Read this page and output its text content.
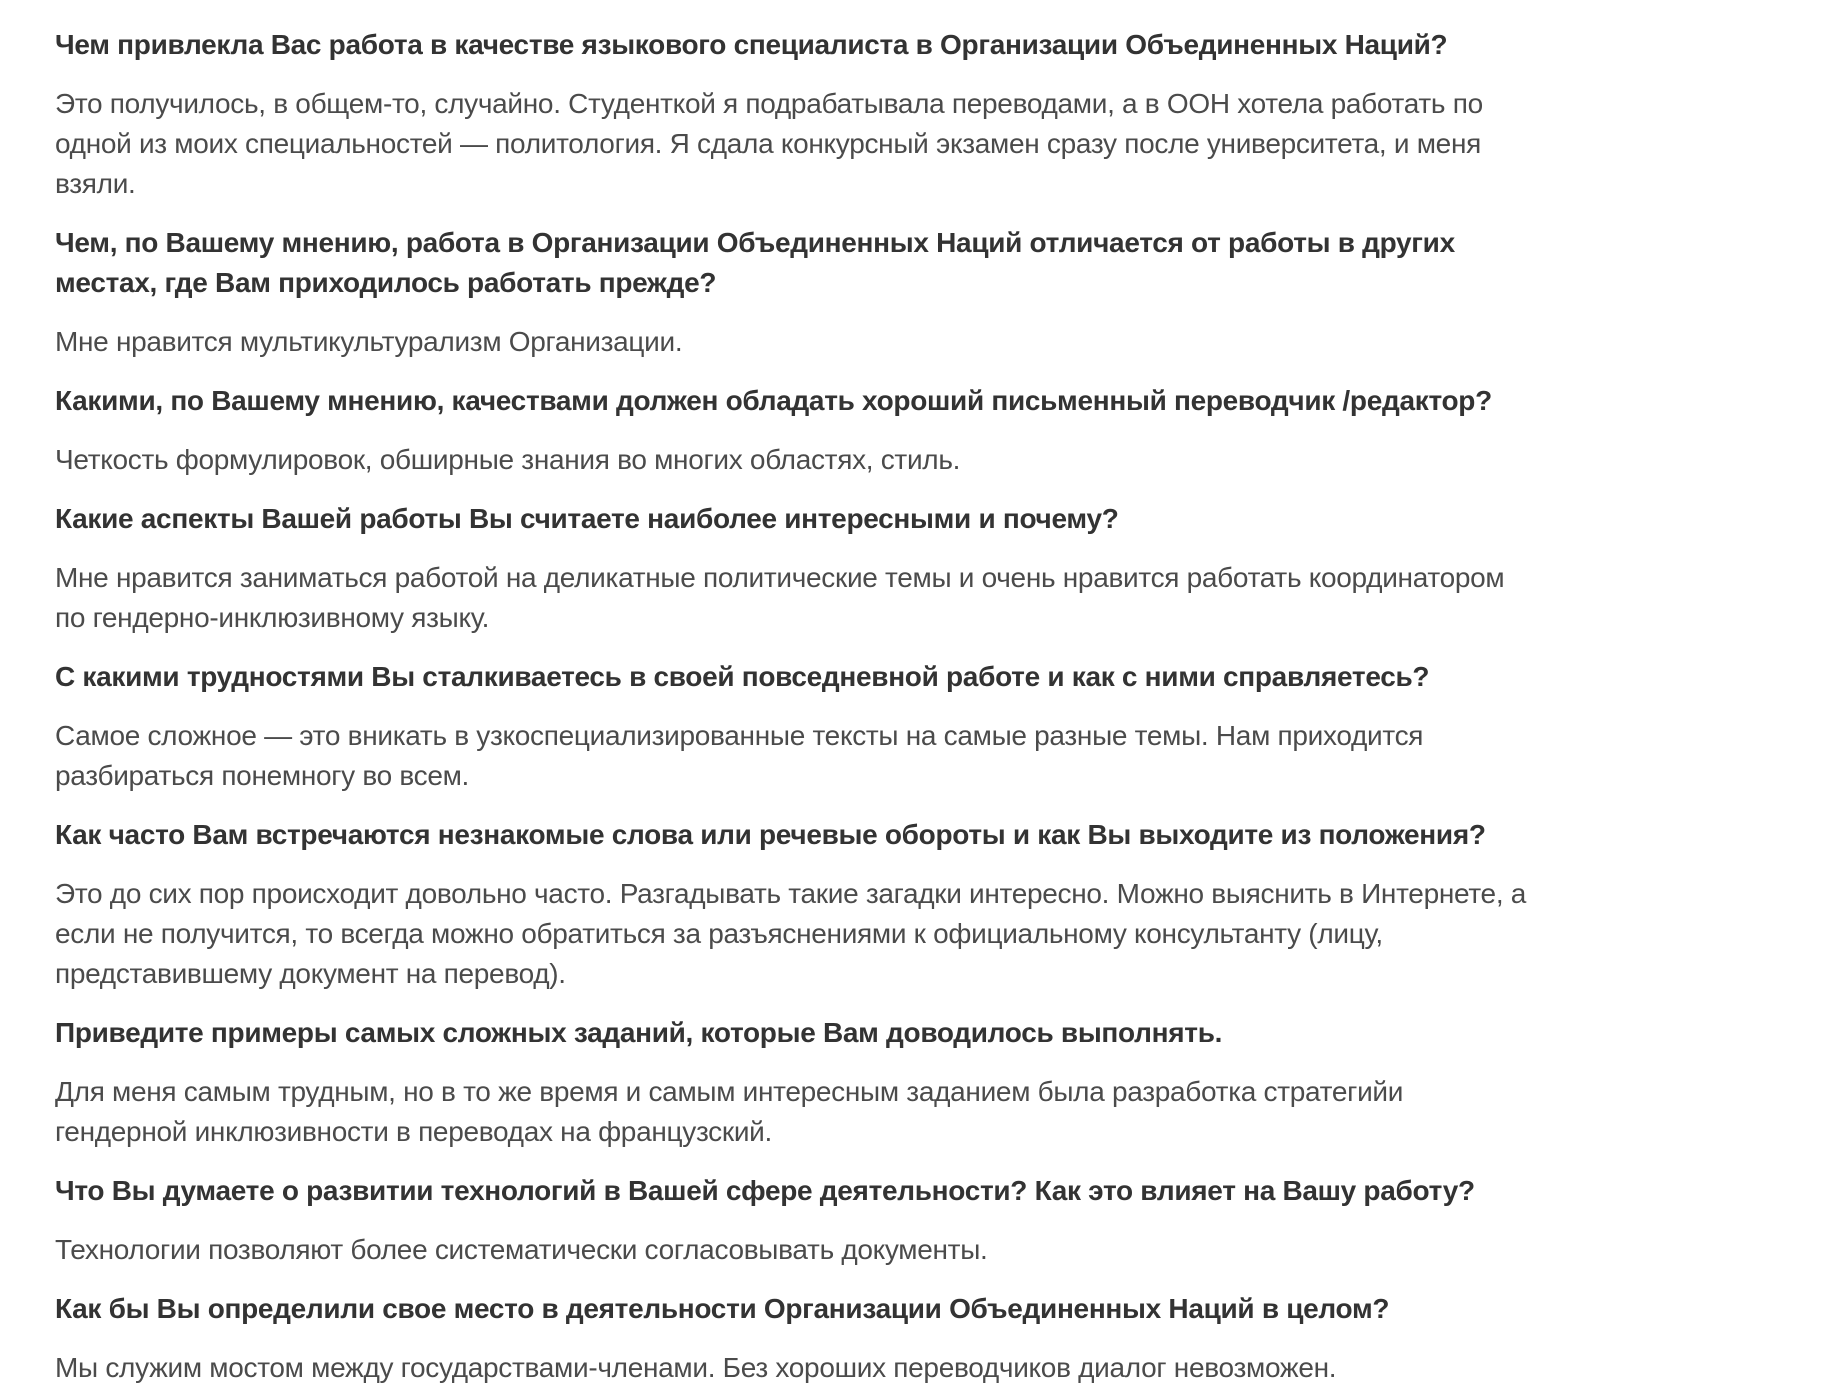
Чем привлекла Вас работа в качестве языкового специалиста в Организации Объединенных Наций?

Это получилось, в общем-то, случайно. Студенткой я подрабатывала переводами, а в ООН хотела работать по одной из моих специальностей — политология. Я сдала конкурсный экзамен сразу после университета, и меня взяли.

Чем, по Вашему мнению, работа в Организации Объединенных Наций отличается от работы в других местах, где Вам приходилось работать прежде?

Мне нравится мультикультурализм Организации.

Какими, по Вашему мнению, качествами должен обладать хороший письменный переводчик /редактор?

Четкость формулировок, обширные знания во многих областях, стиль.

Какие аспекты Вашей работы Вы считаете наиболее интересными и почему?

Мне нравится заниматься работой на деликатные политические темы и очень нравится работать координатором по гендерно-инклюзивному языку.

С какими трудностями Вы сталкиваетесь в своей повседневной работе и как с ними справляетесь?

Самое сложное — это вникать в узкоспециализированные тексты на самые разные темы. Нам приходится разбираться понемногу во всем.

Как часто Вам встречаются незнакомые слова или речевые обороты и как Вы выходите из положения?

Это до сих пор происходит довольно часто. Разгадывать такие загадки интересно. Можно выяснить в Интернете, а если не получится, то всегда можно обратиться за разъяснениями к официальному консультанту (лицу, представившему документ на перевод).

Приведите примеры самых сложных заданий, которые Вам доводилось выполнять.

Для меня самым трудным, но в то же время и самым интересным заданием была разработка стратегийи гендерной инклюзивности в переводах на французский.

Что Вы думаете о развитии технологий в Вашей сфере деятельности? Как это влияет на Вашу работу?

Технологии позволяют более систематически согласовывать документы.

Как бы Вы определили свое место в деятельности Организации Объединенных Наций в целом?

Мы служим мостом между государствами-членами. Без хороших переводчиков диалог невозможен.
